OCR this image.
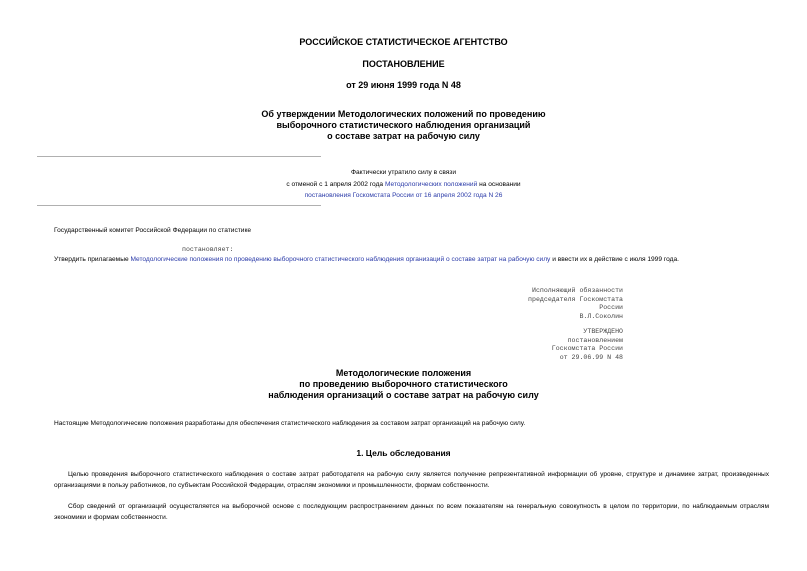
РОССИЙСКОЕ СТАТИСТИЧЕСКОЕ АГЕНТСТВО
ПОСТАНОВЛЕНИЕ
от 29 июня 1999 года N 48
Об утверждении Методологических положений по проведению
выборочного статистического наблюдения организаций
о составе затрат на рабочую силу
Фактически утратило силу в связи
с отменой с 1 апреля 2002 года Методологических положений на основании
постановления Госкомстата России от 16 апреля 2002 года N 26
Государственный комитет Российской Федерации по статистике
постановляет:
Утвердить прилагаемые Методологические положения по проведению выборочного статистического наблюдения организаций о составе затрат на рабочую силу и ввести их в действие с июля 1999 года.
Исполняющий обязанности
председателя Госкомстата
России
В.Л.Соколин
УТВЕРЖДЕНО
постановлением
Госкомстата России
от 29.06.99 N 48
Методологические положения
по проведению выборочного статистического
наблюдения организаций о составе затрат на рабочую силу
Настоящие Методологические положения разработаны для обеспечения статистического наблюдения за составом затрат организаций на рабочую силу.
1. Цель обследования
Целью проведения выборочного статистического наблюдения о составе затрат работодателя на рабочую силу является получение репрезентативной информации об уровне, структуре и динамике затрат, произведенных организациями в пользу работников, по субъектам Российской Федерации, отраслям экономики и промышленности, формам собственности.
Сбор сведений от организаций осуществляется на выборочной основе с последующим распространением данных по всем показателям на генеральную совокупность в целом по территории, по наблюдаемым отраслям экономики и формам собственности.
